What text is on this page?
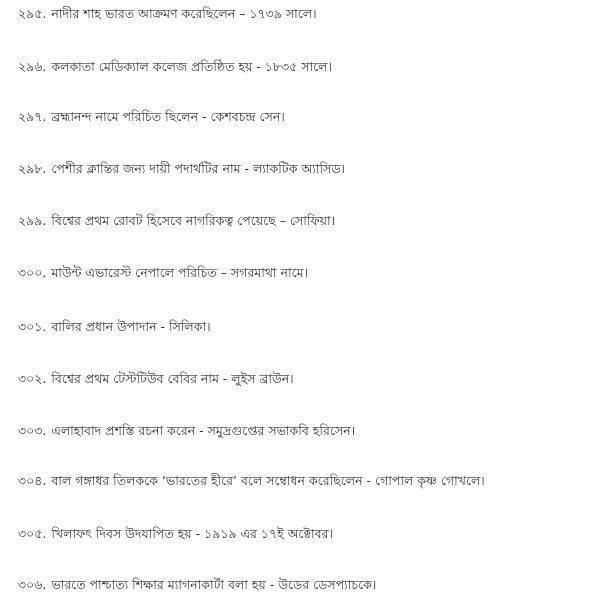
২৯৫. নাদীর শাহ ভারত আক্রমণ করেছিলেন – ১৭৩৯ সালে।
২৯৬. কলকাতা মেডিক্যাল কলেজ প্রতিষ্ঠিত হয় - ১৮৩৫ সালে।
২৯৭. ব্রহ্মানন্দ নামে পরিচিত ছিলেন - কেশবচন্দ্র সেন।
২৯৮. পেশীর ক্লান্তির জন্য দায়ী পদার্থটির নাম - ল্যাকটিক অ্যাসিড।
২৯৯. বিশ্বের প্রথম রোবট হিসেবে নাগরিকত্ব পেয়েছে – সোফিয়া।
৩০০. মাউন্ট এভারেস্ট নেপালে পরিচিত – সগরমাথা নামে।
৩০১. বালির প্রধান উপাদান - সিলিকা।
৩০২. বিশ্বের প্রথম টেস্টটিউব বেবির নাম - লুইস ব্রাউন।
৩০৩. এলাহাবাদ প্রশস্তি রচনা করেন - সমুদ্রগুপ্তের সভাকবি হরিসেন।
৩০৪. বাল গঙ্গাধর তিলককে ‘ভারতের হীরে’ বলে সম্বোধন করেছিলেন - গোপাল কৃষ্ণ গোখলে।
৩০৫. খিলাফৎ দিবস উদযাপিত হয় - ১৯১৯ এর ১৭ই অক্টোবর।
৩০৬. ভারতে পাশ্চাত্য শিক্ষার ম্যাগনাকার্টা বলা হয় - উডের ডেসপ্যাচকে।
